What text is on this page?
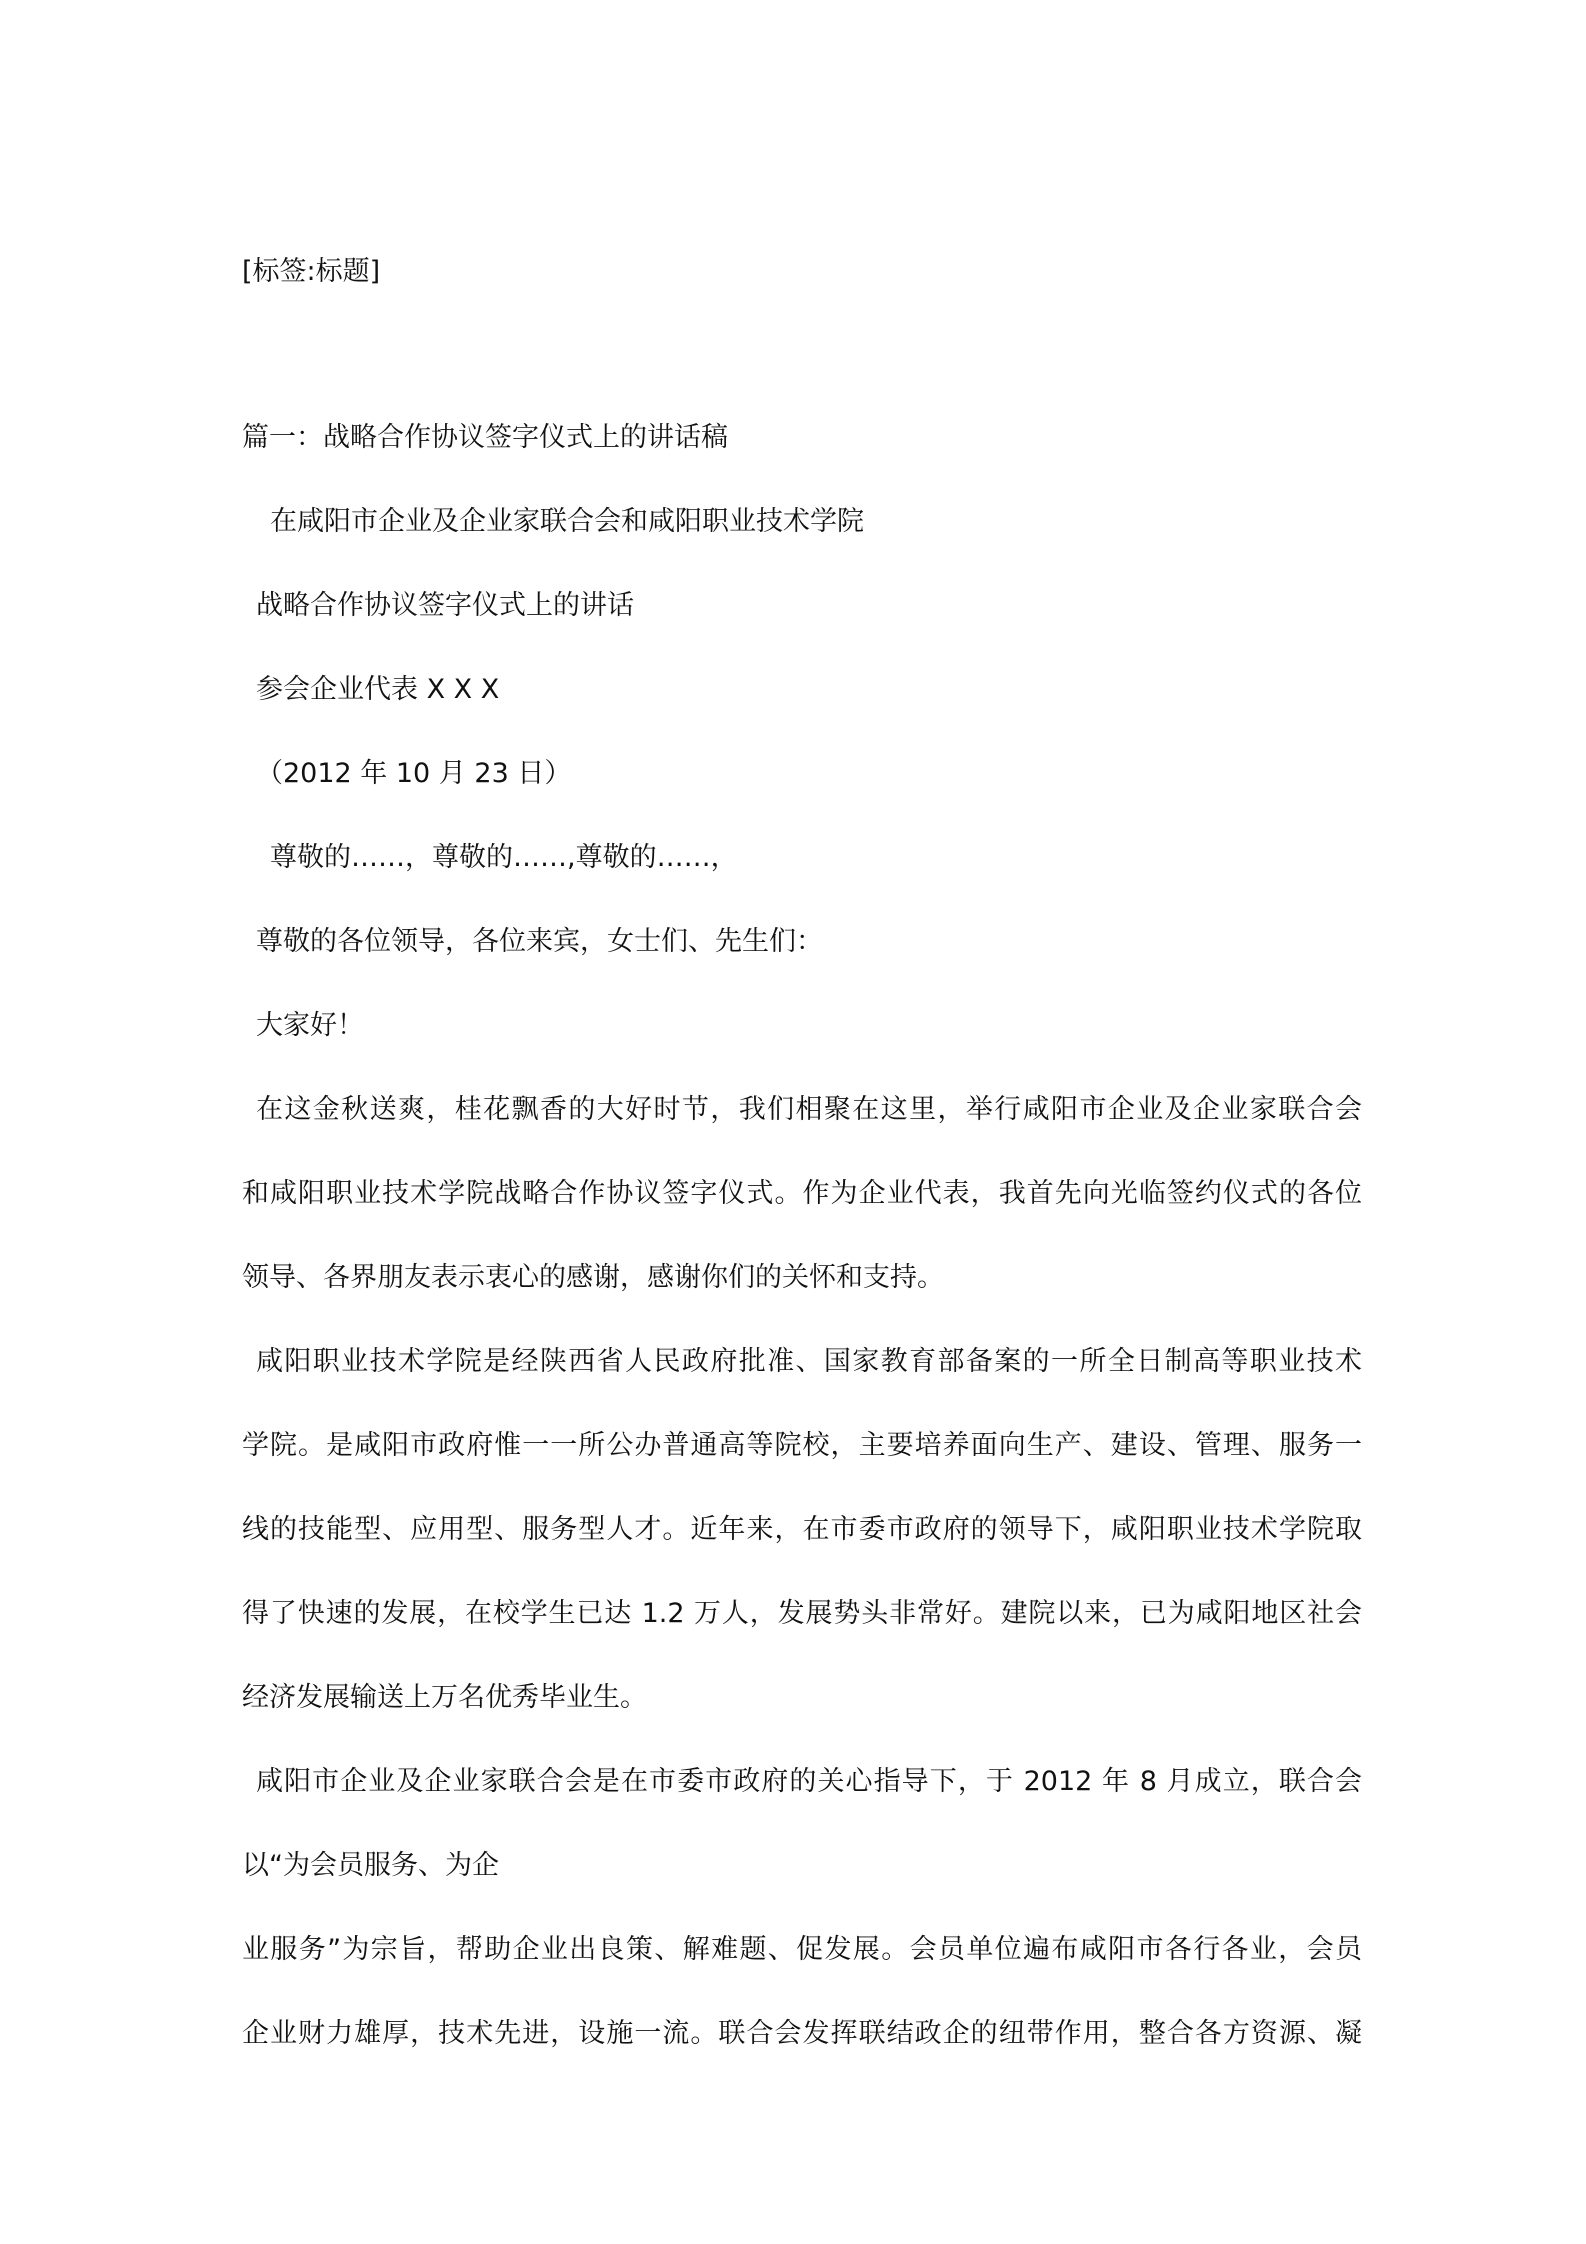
[标签:标题]
篇一：战略合作协议签字仪式上的讲话稿
在咸阳市企业及企业家联合会和咸阳职业技术学院
战略合作协议签字仪式上的讲话
参会企业代表 X X X
（2012 年 10 月 23 日）
尊敬的……，尊敬的……,尊敬的……，
尊敬的各位领导，各位来宾，女士们、先生们：
大家好！
在这金秋送爽，桂花飘香的大好时节，我们相聚在这里，举行咸阳市企业及企业家联合会
和咸阳职业技术学院战略合作协议签字仪式。作为企业代表，我首先向光临签约仪式的各位
领导、各界朋友表示衷心的感谢，感谢你们的关怀和支持。
咸阳职业技术学院是经陕西省人民政府批准、国家教育部备案的一所全日制高等职业技术
学院。是咸阳市政府惟一一所公办普通高等院校，主要培养面向生产、建设、管理、服务一
线的技能型、应用型、服务型人才。近年来，在市委市政府的领导下，咸阳职业技术学院取
得了快速的发展，在校学生已达 1.2 万人，发展势头非常好。建院以来，已为咸阳地区社会
经济发展输送上万名优秀毕业生。
咸阳市企业及企业家联合会是在市委市政府的关心指导下，于 2012 年 8 月成立，联合会
以“为会员服务、为企
业服务”为宗旨，帮助企业出良策、解难题、促发展。会员单位遍布咸阳市各行各业，会员
企业财力雄厚，技术先进，设施一流。联合会发挥联结政企的纽带作用，整合各方资源、凝
